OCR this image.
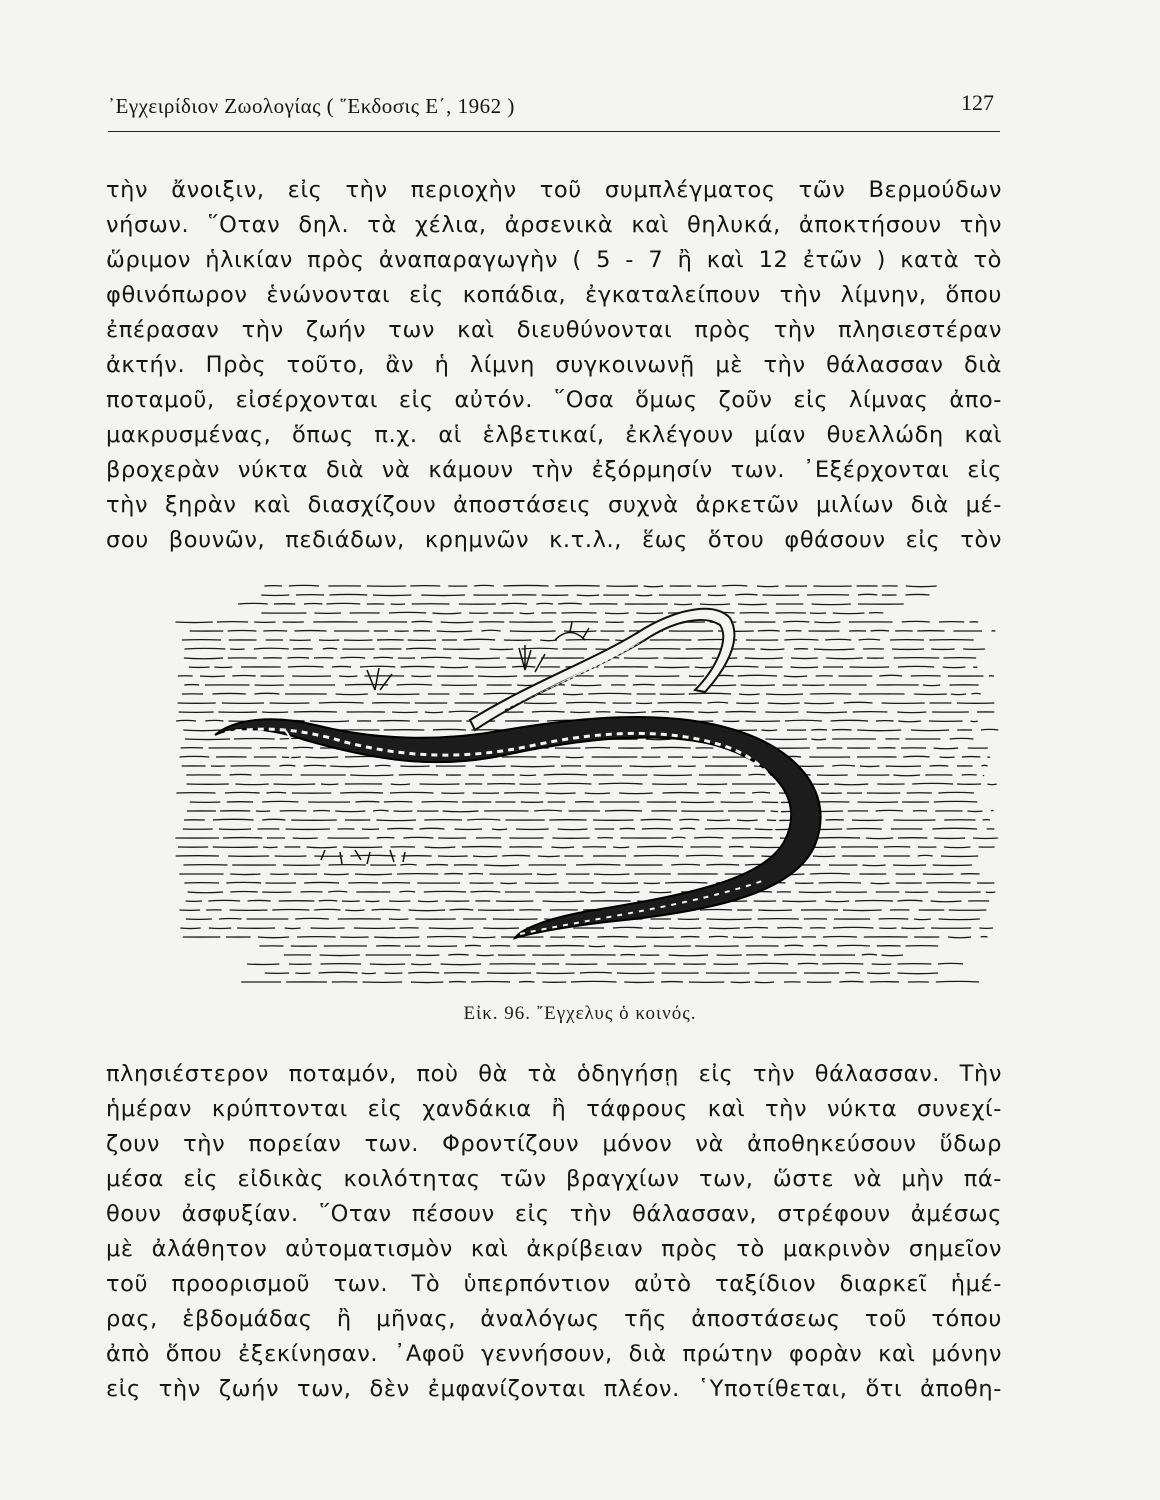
᾿Εγχειρίδιον Ζωολογίας ( ῞Εκδοσις Ε΄, 1962 )	127
τὴν ἄνοιξιν, εἰς τὴν περιοχὴν τοῦ συμπλέγματος τῶν Βερμούδων
νήσων. ῞Οταν δηλ. τὰ χέλια, ἀρσενικὰ καὶ θηλυκά, ἀποκτήσουν τὴν
ὥριμον ἡλικίαν πρὸς ἀναπαραγωγὴν ( 5 - 7 ἢ καὶ 12 ἐτῶν ) κατὰ τὸ
φθινόπωρον ἑνώνονται εἰς κοπάδια, ἐγκαταλείπουν τὴν λίμνην, ὅπου
ἐπέρασαν τὴν ζωήν των καὶ διευθύνονται πρὸς τὴν πλησιεστέραν
ἀκτήν. Πρὸς τοῦτο, ἂν ἡ λίμνη συγκοινωνῇ μὲ τὴν θάλασσαν διὰ
ποταμοῦ, εἰσέρχονται εἰς αὐτόν. ῞Οσα ὅμως ζοῦν εἰς λίμνας ἀπο-
μακρυσμένας, ὅπως π.χ. αἱ ἑλβετικαί, ἐκλέγουν μίαν θυελλώδη καὶ
βροχερὰν νύκτα διὰ νὰ κάμουν τὴν ἐξόρμησίν των. ᾿Εξέρχονται εἰς
τὴν ξηρὰν καὶ διασχίζουν ἀποστάσεις συχνὰ ἀρκετῶν μιλίων διὰ μέ-
σου βουνῶν, πεδιάδων, κρημνῶν κ.τ.λ., ἕως ὅτου φθάσουν εἰς τὸν
Εἰκ. 96. ῎Εγχελυς ὁ κοινός.
πλησιέστερον ποταμόν, ποὺ θὰ τὰ ὁδηγήσῃ εἰς τὴν θάλασσαν. Τὴν
ἡμέραν κρύπτονται εἰς χανδάκια ἢ τάφρους καὶ τὴν νύκτα συνεχί-
ζουν τὴν πορείαν των. Φροντίζουν μόνον νὰ ἀποθηκεύσουν ὕδωρ
μέσα εἰς εἰδικὰς κοιλότητας τῶν βραγχίων των, ὥστε νὰ μὴν πά-
θουν ἀσφυξίαν. ῞Οταν πέσουν εἰς τὴν θάλασσαν, στρέφουν ἀμέσως
μὲ ἀλάθητον αὐτοματισμὸν καὶ ἀκρίβειαν πρὸς τὸ μακρινὸν σημεῖον
τοῦ προορισμοῦ των. Τὸ ὑπερπόντιον αὐτὸ ταξίδιον διαρκεῖ ἡμέ-
ρας, ἑβδομάδας ἢ μῆνας, ἀναλόγως τῆς ἀποστάσεως τοῦ τόπου
ἀπὸ ὅπου ἐξεκίνησαν. ᾿Αφοῦ γεννήσουν, διὰ πρώτην φορὰν καὶ μόνην
εἰς τὴν ζωήν των, δὲν ἐμφανίζονται πλέον. ῾Υποτίθεται, ὅτι ἀποθη-
